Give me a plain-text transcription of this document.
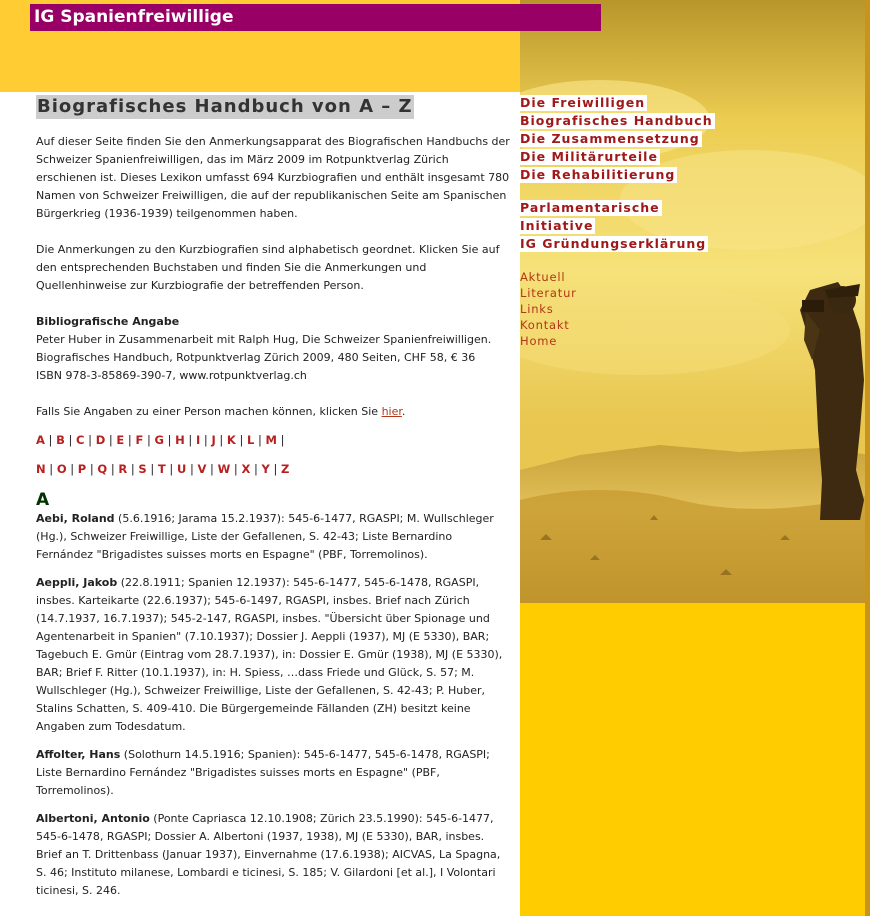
IG Spanienfreiwillige
Die Freiwilligen
Biografisches Handbuch
Die Zusammensetzung
Die Militärurteile
Die Rehabilitierung
Parlamentarische
Initiative
IG Gründungserklärung
Aktuell
Literatur
Links
Kontakt
Home
Biografisches Handbuch von A – Z

Auf dieser Seite finden Sie den Anmerkungsapparat des Biografischen Handbuchs der Schweizer Spanienfreiwilligen, das im März 2009 im Rotpunktverlag Zürich erschienen ist. Dieses Lexikon umfasst 694 Kurzbiografien und enthält insgesamt 780 Namen von Schweizer Freiwilligen, die auf der republikanischen Seite am Spanischen Bürgerkrieg (1936-1939) teilgenommen haben.

Die Anmerkungen zu den Kurzbiografien sind alphabetisch geordnet. Klicken Sie auf den entsprechenden Buchstaben und finden Sie die Anmerkungen und Quellenhinweise zur Kurzbiografie der betreffenden Person.

Bibliografische Angabe
Peter Huber in Zusammenarbeit mit Ralph Hug, Die Schweizer Spanienfreiwilligen.
Biografisches Handbuch, Rotpunktverlag Zürich 2009, 480 Seiten, CHF 58, € 36
ISBN 978-3-85869-390-7, www.rotpunktverlag.ch

Falls Sie Angaben zu einer Person machen können, klicken Sie hier.

A | B | C | D | E | F | G | H | I | J | K | L | M |
N | O | P | Q | R | S | T | U | V | W | X | Y | Z
A

Aebi, Roland (5.6.1916; Jarama 15.2.1937): 545-6-1477, RGASPI; M. Wullschleger (Hg.), Schweizer Freiwillige, Liste der Gefallenen, S. 42-43; Liste Bernardino Fernández "Brigadistes suisses morts en Espagne" (PBF, Torremolinos).

Aeppli, Jakob (22.8.1911; Spanien 12.1937): 545-6-1477, 545-6-1478, RGASPI, insbes. Karteikarte (22.6.1937); 545-6-1497, RGASPI, insbes. Brief nach Zürich (14.7.1937, 16.7.1937); 545-2-147, RGASPI, insbes. "Übersicht über Spionage und Agentenarbeit in Spanien" (7.10.1937); Dossier J. Aeppli (1937), MJ (E 5330), BAR; Tagebuch E. Gmür (Eintrag vom 28.7.1937), in: Dossier E. Gmür (1938), MJ (E 5330), BAR; Brief F. Ritter (10.1.1937), in: H. Spiess, …dass Friede und Glück, S. 57; M. Wullschleger (Hg.), Schweizer Freiwillige, Liste der Gefallenen, S. 42-43; P. Huber, Stalins Schatten, S. 409-410. Die Bürgergemeinde Fällanden (ZH) besitzt keine Angaben zum Todesdatum.

Affolter, Hans (Solothurn 14.5.1916; Spanien): 545-6-1477, 545-6-1478, RGASPI; Liste Bernardino Fernández "Brigadistes suisses morts en Espagne" (PBF, Torremolinos).

Albertoni, Antonio (Ponte Capriasca 12.10.1908; Zürich 23.5.1990): 545-6-1477, 545-6-1478, RGASPI; Dossier A. Albertoni (1937, 1938), MJ (E 5330), BAR, insbes. Brief an T. Drittenbass (Januar 1937), Einvernahme (17.6.1938); AICVAS, La Spagna, S. 46; Instituto milanese, Lombardi e ticinesi, S. 185; V. Gilardoni [et al.], I Volontari ticinesi, S. 246.
